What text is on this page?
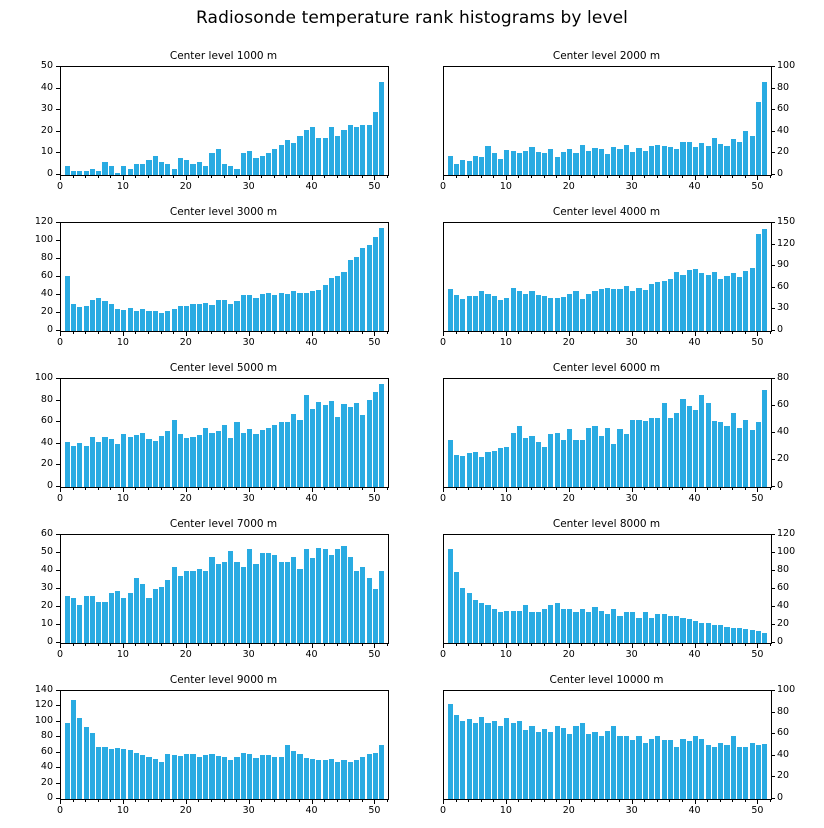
Radiosonde temperature rank histograms by level
Center level 1000 m
0
10
20
30
40
50
0	10	20	30	40	50
Center level 2000 m
0
20
40
60
80
100
0	10	20	30	40	50
Center level 3000 m
0
20
40
60
80
100
120
0	10	20	30	40	50
Center level 4000 m
0
30
60
90
120
150
0	10	20	30	40	50
Center level 5000 m
0
20
40
60
80
100
0	10	20	30	40	50
Center level 6000 m
0
20
40
60
80
0	10	20	30	40	50
Center level 7000 m
0
10
20
30
40
50
60
0	10	20	30	40	50
Center level 8000 m
0
20
40
60
80
100
120
0	10	20	30	40	50
Center level 9000 m
0
20
40
60
80
100
120
140
0	10	20	30	40	50
Center level 10000 m
0
20
40
60
80
100
0	10	20	30	40	50
